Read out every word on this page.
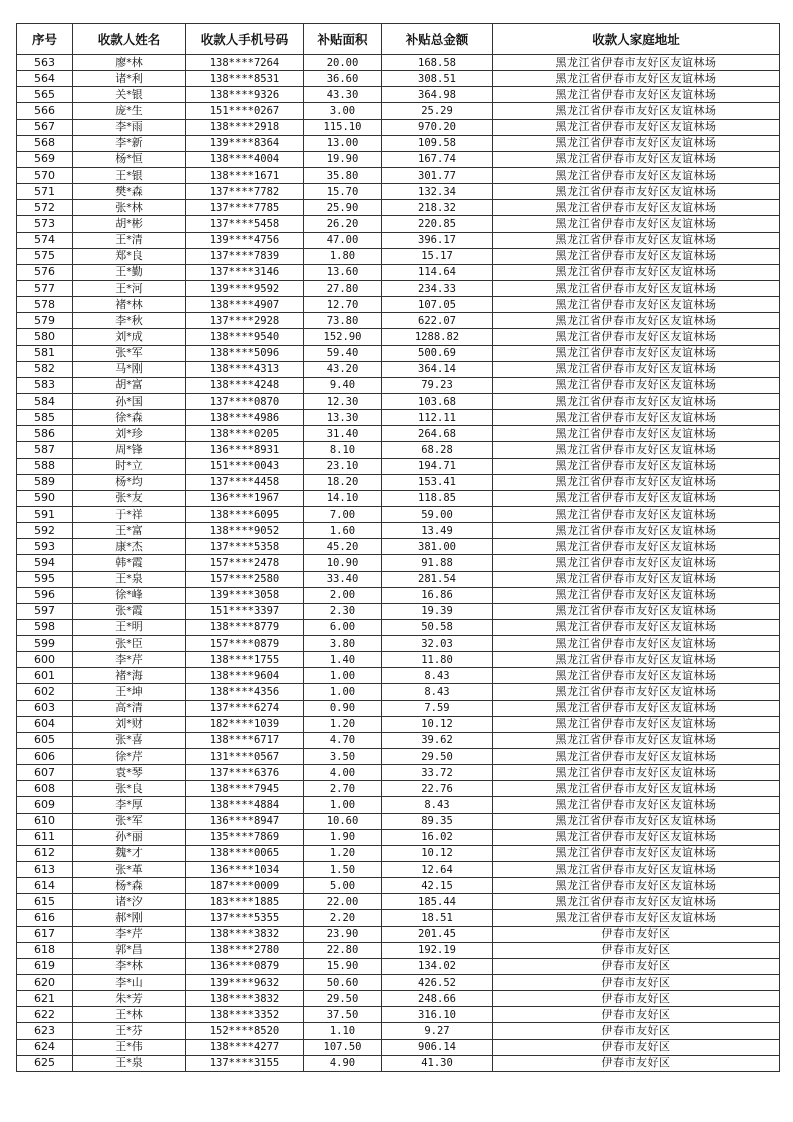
序号	收款人姓名	收款人手机号码	补贴面积	补贴总金额	收款人家庭地址
563	廖*林	138****7264	20.00	168.58	黑龙江省伊春市友好区友谊林场
564	诸*利	138****8531	36.60	308.51	黑龙江省伊春市友好区友谊林场
565	关*银	138****9326	43.30	364.98	黑龙江省伊春市友好区友谊林场
566	庞*生	151****0267	3.00	25.29	黑龙江省伊春市友好区友谊林场
567	李*雨	138****2918	115.10	970.20	黑龙江省伊春市友好区友谊林场
568	李*新	139****8364	13.00	109.58	黑龙江省伊春市友好区友谊林场
569	杨*恒	138****4004	19.90	167.74	黑龙江省伊春市友好区友谊林场
570	王*银	138****1671	35.80	301.77	黑龙江省伊春市友好区友谊林场
571	樊*森	137****7782	15.70	132.34	黑龙江省伊春市友好区友谊林场
572	张*林	137****7785	25.90	218.32	黑龙江省伊春市友好区友谊林场
573	胡*彬	137****5458	26.20	220.85	黑龙江省伊春市友好区友谊林场
574	王*清	139****4756	47.00	396.17	黑龙江省伊春市友好区友谊林场
575	郑*良	137****7839	1.80	15.17	黑龙江省伊春市友好区友谊林场
576	王*勤	137****3146	13.60	114.64	黑龙江省伊春市友好区友谊林场
577	王*河	139****9592	27.80	234.33	黑龙江省伊春市友好区友谊林场
578	褚*林	138****4907	12.70	107.05	黑龙江省伊春市友好区友谊林场
579	李*秋	137****2928	73.80	622.07	黑龙江省伊春市友好区友谊林场
580	刘*成	138****9540	152.90	1288.82	黑龙江省伊春市友好区友谊林场
581	张*军	138****5096	59.40	500.69	黑龙江省伊春市友好区友谊林场
582	马*刚	138****4313	43.20	364.14	黑龙江省伊春市友好区友谊林场
583	胡*富	138****4248	9.40	79.23	黑龙江省伊春市友好区友谊林场
584	孙*国	137****0870	12.30	103.68	黑龙江省伊春市友好区友谊林场
585	徐*森	138****4986	13.30	112.11	黑龙江省伊春市友好区友谊林场
586	刘*珍	138****0205	31.40	264.68	黑龙江省伊春市友好区友谊林场
587	周*锋	136****8931	8.10	68.28	黑龙江省伊春市友好区友谊林场
588	时*立	151****0043	23.10	194.71	黑龙江省伊春市友好区友谊林场
589	杨*均	137****4458	18.20	153.41	黑龙江省伊春市友好区友谊林场
590	张*友	136****1967	14.10	118.85	黑龙江省伊春市友好区友谊林场
591	于*祥	138****6095	7.00	59.00	黑龙江省伊春市友好区友谊林场
592	王*富	138****9052	1.60	13.49	黑龙江省伊春市友好区友谊林场
593	康*杰	137****5358	45.20	381.00	黑龙江省伊春市友好区友谊林场
594	韩*霞	157****2478	10.90	91.88	黑龙江省伊春市友好区友谊林场
595	王*泉	157****2580	33.40	281.54	黑龙江省伊春市友好区友谊林场
596	徐*峰	139****3058	2.00	16.86	黑龙江省伊春市友好区友谊林场
597	张*霞	151****3397	2.30	19.39	黑龙江省伊春市友好区友谊林场
598	王*明	138****8779	6.00	50.58	黑龙江省伊春市友好区友谊林场
599	张*臣	157****0879	3.80	32.03	黑龙江省伊春市友好区友谊林场
600	李*芹	138****1755	1.40	11.80	黑龙江省伊春市友好区友谊林场
601	褚*海	138****9604	1.00	8.43	黑龙江省伊春市友好区友谊林场
602	王*坤	138****4356	1.00	8.43	黑龙江省伊春市友好区友谊林场
603	高*清	137****6274	0.90	7.59	黑龙江省伊春市友好区友谊林场
604	刘*财	182****1039	1.20	10.12	黑龙江省伊春市友好区友谊林场
605	张*喜	138****6717	4.70	39.62	黑龙江省伊春市友好区友谊林场
606	徐*芹	131****0567	3.50	29.50	黑龙江省伊春市友好区友谊林场
607	袁*琴	137****6376	4.00	33.72	黑龙江省伊春市友好区友谊林场
608	张*良	138****7945	2.70	22.76	黑龙江省伊春市友好区友谊林场
609	李*厚	138****4884	1.00	8.43	黑龙江省伊春市友好区友谊林场
610	张*军	136****8947	10.60	89.35	黑龙江省伊春市友好区友谊林场
611	孙*丽	135****7869	1.90	16.02	黑龙江省伊春市友好区友谊林场
612	魏*才	138****0065	1.20	10.12	黑龙江省伊春市友好区友谊林场
613	张*革	136****1034	1.50	12.64	黑龙江省伊春市友好区友谊林场
614	杨*森	187****0009	5.00	42.15	黑龙江省伊春市友好区友谊林场
615	诸*汐	183****1885	22.00	185.44	黑龙江省伊春市友好区友谊林场
616	郝*刚	137****5355	2.20	18.51	黑龙江省伊春市友好区友谊林场
617	李*芹	138****3832	23.90	201.45	伊春市友好区
618	郭*昌	138****2780	22.80	192.19	伊春市友好区
619	李*林	136****0879	15.90	134.02	伊春市友好区
620	李*山	139****9632	50.60	426.52	伊春市友好区
621	朱*芳	138****3832	29.50	248.66	伊春市友好区
622	王*林	138****3352	37.50	316.10	伊春市友好区
623	王*芬	152****8520	1.10	9.27	伊春市友好区
624	王*伟	138****4277	107.50	906.14	伊春市友好区
625	王*泉	137****3155	4.90	41.30	伊春市友好区
